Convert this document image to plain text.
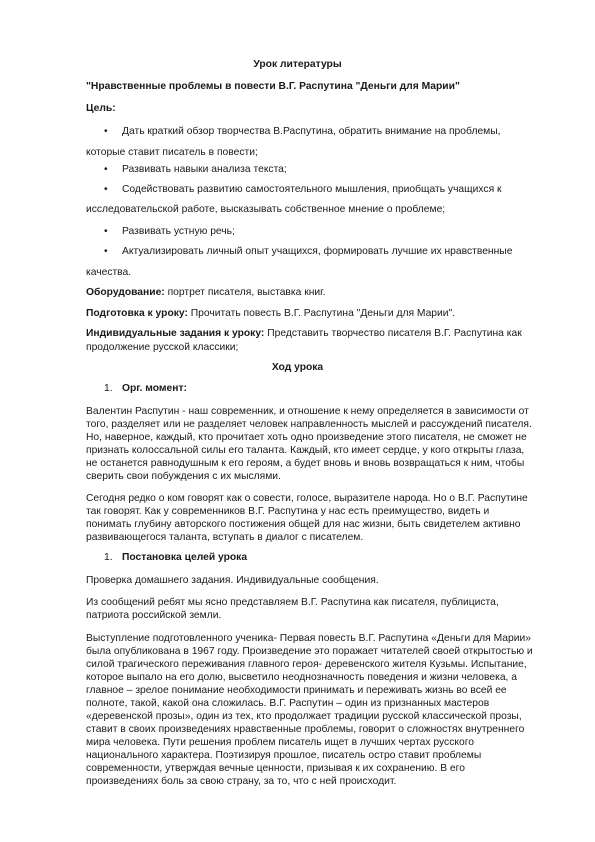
Урок литературы
"Нравственные проблемы в повести В.Г. Распутина "Деньги для Марии"
Цель:
• Дать краткий обзор творчества В.Распутина, обратить внимание на проблемы,
которые ставит писатель в повести;
• Развивать навыки анализа текста;
• Содействовать развитию самостоятельного мышления, приобщать учащихся к
исследовательской работе, высказывать собственное мнение о проблеме;
• Развивать устную речь;
• Актуализировать личный опыт учащихся, формировать лучшие их нравственные
качества.
Оборудование: портрет писателя, выставка книг.
Подготовка к уроку: Прочитать повесть В.Г. Распутина "Деньги для Марии".
Индивидуальные задания к уроку: Представить творчество писателя В.Г. Распутина как
продолжение русской классики;
Ход урока
1. Орг. момент:
Валентин Распутин - наш современник, и отношение к нему определяется в зависимости от
того, разделяет или не разделяет человек направленность мыслей и рассуждений писателя.
Но, наверное, каждый, кто прочитает хоть одно произведение этого писателя, не сможет не
признать колоссальной силы его таланта. Каждый, кто имеет сердце, у кого открыты глаза,
не останется равнодушным к его героям, а будет вновь и вновь возвращаться к ним, чтобы
сверить свои побуждения с их мыслями.
Сегодня редко о ком говорят как о совести, голосе, выразителе народа. Но о В.Г. Распутине
так говорят. Как у современников В.Г. Распутина у нас есть преимущество, видеть и
понимать глубину авторского постижения общей для нас жизни, быть свидетелем активно
развивающегося таланта, вступать в диалог с писателем.
1. Постановка целей урока
Проверка домашнего задания. Индивидуальные сообщения.
Из сообщений ребят мы ясно представляем В.Г. Распутина как писателя, публициста,
патриота российской земли.
Выступление подготовленного ученика- Первая повесть В.Г. Распутина «Деньги для Марии»
была опубликована в 1967 году. Произведение это поражает читателей своей открытостью и
силой трагического переживания главного героя- деревенского жителя Кузьмы. Испытание,
которое выпало на его долю, высветило неоднозначность поведения и жизни человека, а
главное – зрелое понимание необходимости принимать и переживать жизнь во всей ее
полноте, такой, какой она сложилась. В.Г. Распутин – один из признанных мастеров
«деревенской прозы», один из тех, кто продолжает традиции русской классической прозы,
ставит в своих произведениях нравственные проблемы, говорит о сложностях внутреннего
мира человека. Пути решения проблем писатель ищет в лучших чертах русского
национального характера. Поэтизируя прошлое, писатель остро ставит проблемы
современности, утверждая вечные ценности, призывая к их сохранению. В его
произведениях боль за свою страну, за то, что с ней происходит.
